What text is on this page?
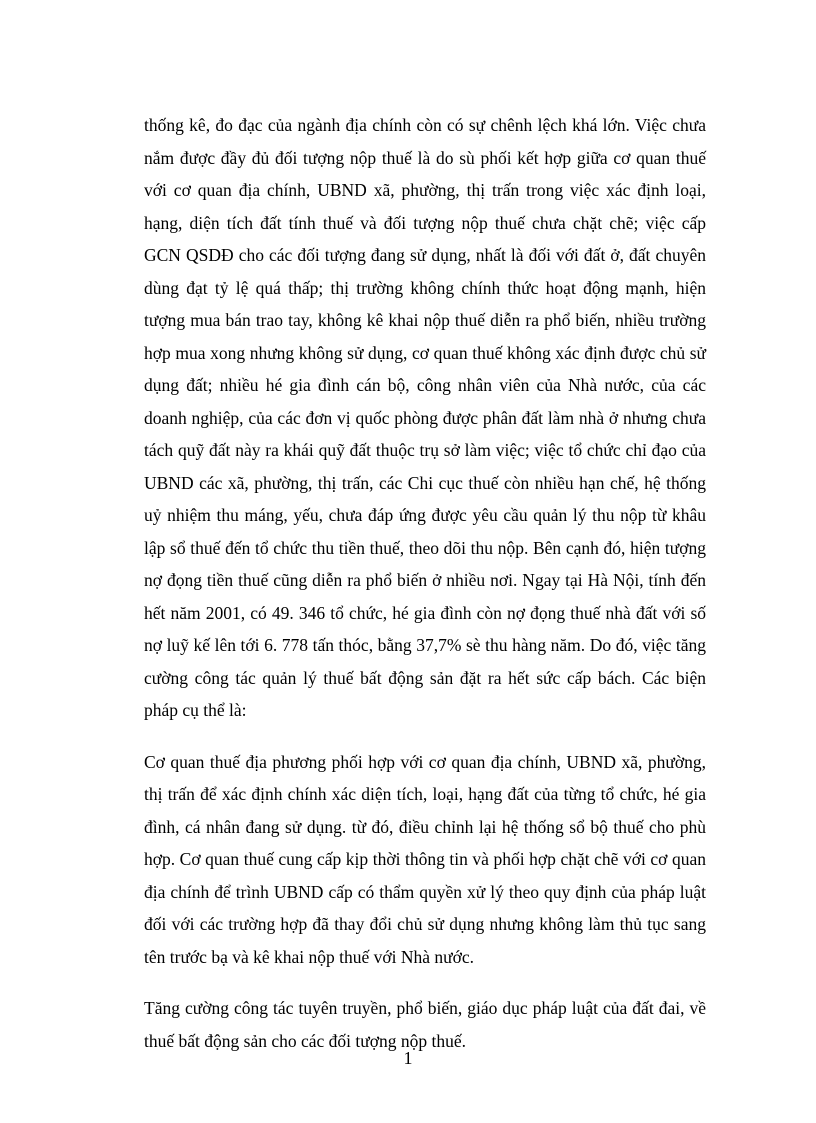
thống kê, đo đạc của ngành địa chính còn có sự chênh lệch khá lớn. Việc chưa nắm được đầy đủ đối tượng nộp thuế là do sù phối kết hợp giữa cơ quan thuế với cơ quan địa chính, UBND xã, phường, thị trấn trong việc xác định loại, hạng, diện tích đất tính thuế và đối tượng nộp thuế chưa chặt chẽ; việc cấp GCN QSDĐ cho các đối tượng đang sử dụng, nhất là đối với đất ở, đất chuyên dùng đạt tỷ lệ quá thấp; thị trường không chính thức hoạt động mạnh, hiện tượng mua bán trao tay, không kê khai nộp thuế diễn ra phổ biến, nhiều trường hợp mua xong nhưng không sử dụng, cơ quan thuế không xác định được chủ sử dụng đất; nhiều hé gia đình cán bộ, công nhân viên của Nhà nước, của các doanh nghiệp, của các đơn vị quốc phòng được phân đất làm nhà ở nhưng chưa tách quỹ đất này ra khái quỹ đất thuộc trụ sở làm việc; việc tổ chức chỉ đạo của UBND các xã, phường, thị trấn, các Chi cục thuế còn nhiều hạn chế, hệ thống uỷ nhiệm thu máng, yếu, chưa đáp ứng được yêu cầu quản lý thu nộp từ khâu lập sổ thuế đến tổ chức thu tiền thuế, theo dõi thu nộp. Bên cạnh đó, hiện tượng nợ đọng tiền thuế cũng diễn ra phổ biến ở nhiều nơi. Ngay tại Hà Nội, tính đến hết năm 2001, có 49. 346 tổ chức, hé gia đình còn nợ đọng thuế nhà đất với số nợ luỹ kế lên tới 6. 778 tấn thóc, bằng 37,7% sè thu hàng năm. Do đó, việc tăng cường công tác quản lý thuế bất động sản đặt ra hết sức cấp bách. Các biện pháp cụ thể là:

Cơ quan thuế địa phương phối hợp với cơ quan địa chính, UBND xã, phường, thị trấn để xác định chính xác diện tích, loại, hạng đất của từng tổ chức, hé gia đình, cá nhân đang sử dụng. từ đó, điều chỉnh lại hệ thống sổ bộ thuế cho phù hợp. Cơ quan thuế cung cấp kịp thời thông tin và phối hợp chặt chẽ với cơ quan địa chính để trình UBND cấp có thẩm quyền xử lý theo quy định của pháp luật đối với các trường hợp đã thay đổi chủ sử dụng nhưng không làm thủ tục sang tên trước bạ và kê khai nộp thuế với Nhà nước.

Tăng cường công tác tuyên truyền, phổ biến, giáo dục pháp luật của đất đai, về thuế bất động sản cho các đối tượng nộp thuế.

1
